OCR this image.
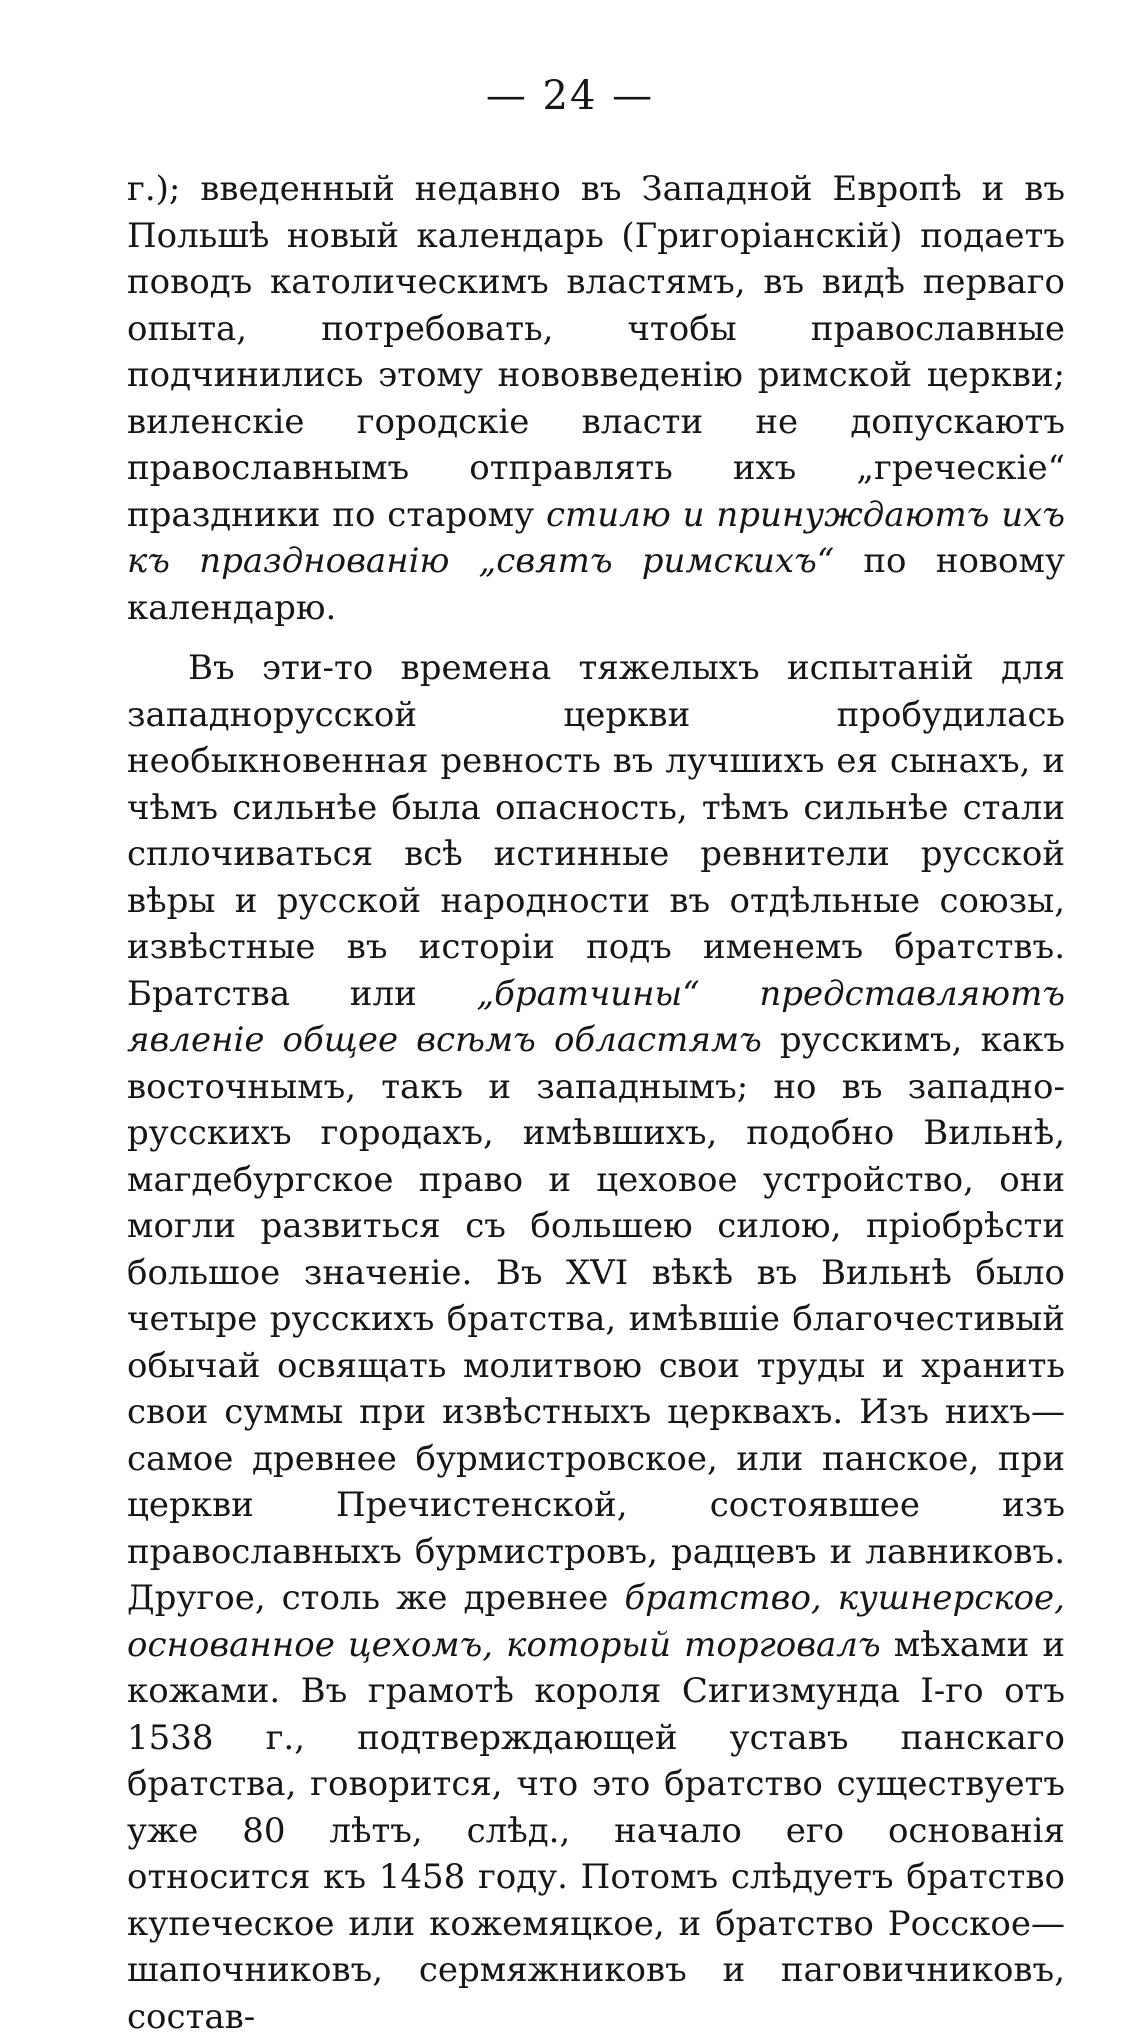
— 24 —

г.); введенный недавно въ Западной Европѣ и въ Польшѣ новый календарь (Григоріанскій) подаетъ поводъ католическимъ властямъ, въ видѣ перваго опыта, потребовать, чтобы православные подчинились этому нововведенію римской церкви; виленскіе городскіе власти не допускаютъ православнымъ отправлять ихъ „греческіе“ праздники по старому стилю и принуждаютъ ихъ къ празднованію „святъ римскихъ“ по новому календарю.

Въ эти-то времена тяжелыхъ испытаній для западнорусской церкви пробудилась необыкновенная ревность въ лучшихъ ея сынахъ, и чѣмъ сильнѣе была опасность, тѣмъ сильнѣе стали сплочиваться всѣ истинные ревнители русской вѣры и русской народности въ отдѣльные союзы, извѣстные въ исторіи подъ именемъ братствъ. Братства или „братчины“ представляютъ явленіе общее всѣмъ областямъ русскимъ, какъ восточнымъ, такъ и западнымъ; но въ западно-русскихъ городахъ, имѣвшихъ, подобно Вильнѣ, магдебургское право и цеховое устройство, они могли развиться съ большею силою, пріобрѣсти большое значеніе. Въ XVI вѣкѣ въ Вильнѣ было четыре русскихъ братства, имѣвшіе благочестивый обычай освящать молитвою свои труды и хранить свои суммы при извѣстныхъ церквахъ. Изъ нихъ—самое древнее бурмистровское, или панское, при церкви Пречистенской, состоявшее изъ православныхъ бурмистровъ, радцевъ и лавниковъ. Другое, столь же древнее братство, кушнерское, основанное цехомъ, который торговалъ мѣхами и кожами. Въ грамотѣ короля Сигизмунда I-го отъ 1538 г., подтверждающей уставъ панскаго братства, говорится, что это братство существуетъ уже 80 лѣтъ, слѣд., начало его основанія относится къ 1458 году. Потомъ слѣдуетъ братство купеческое или кожемяцкое, и братство Росское—шапочниковъ, сермяжниковъ и паговичниковъ, состав-
